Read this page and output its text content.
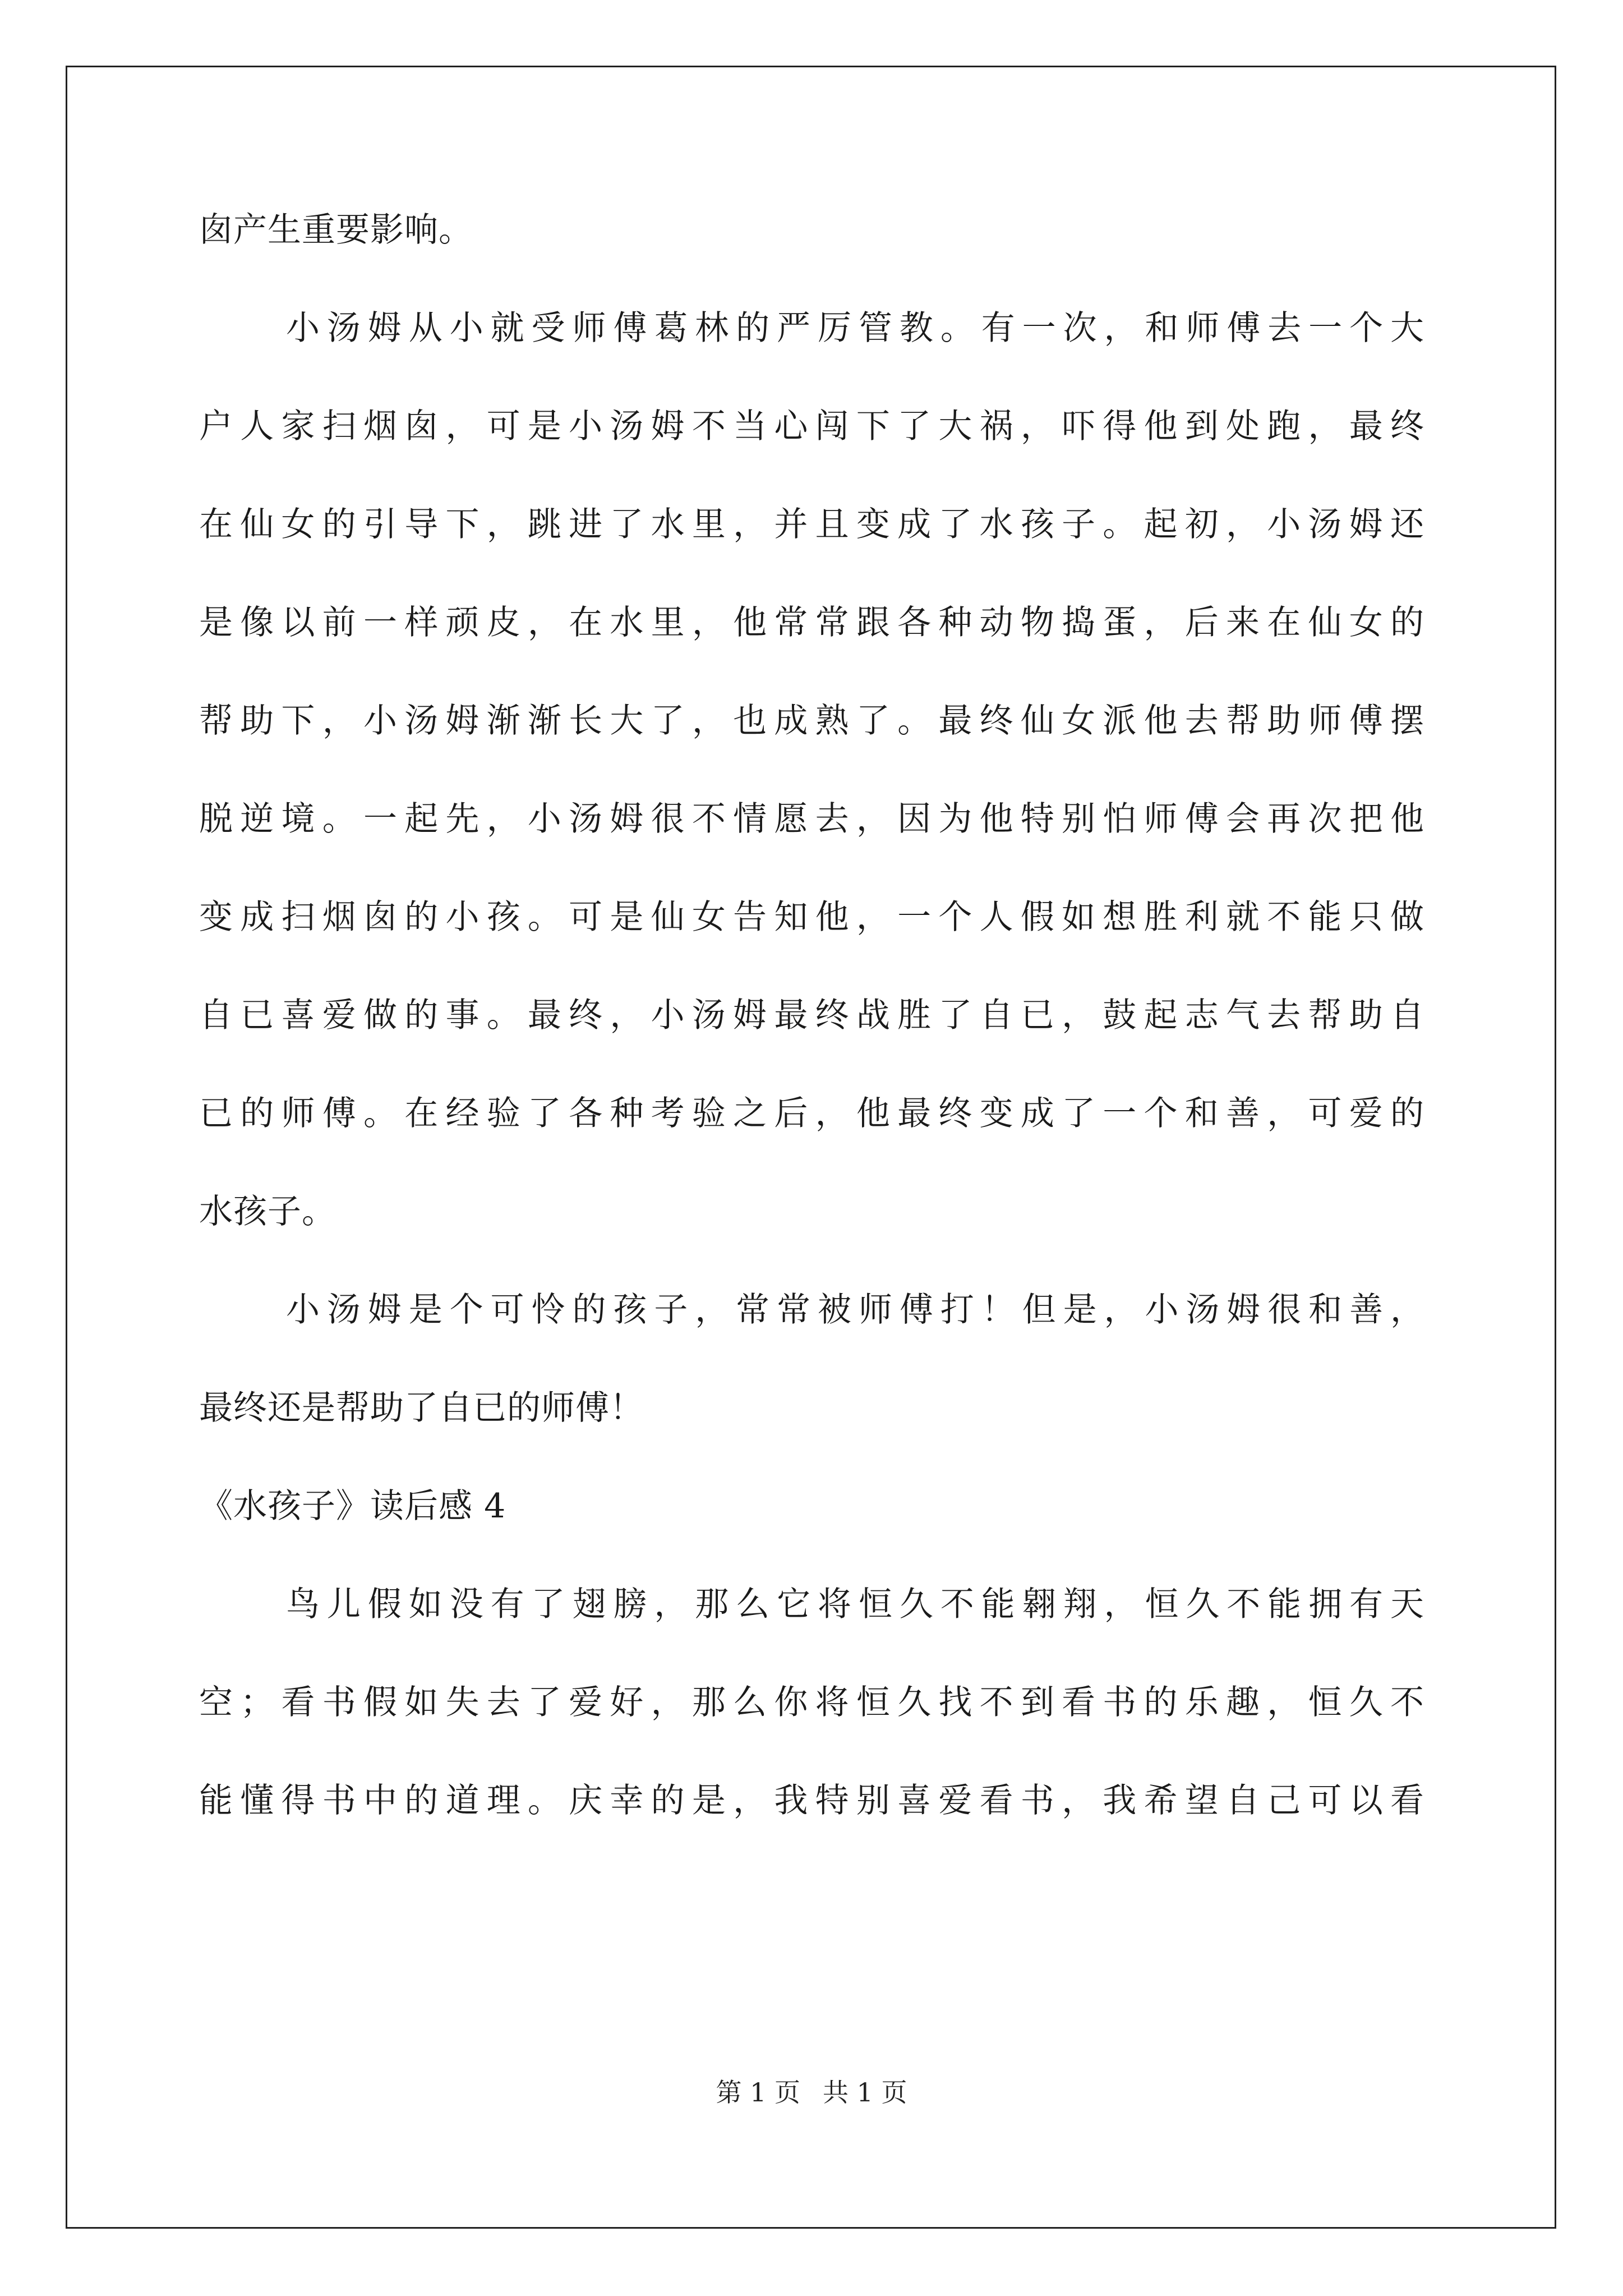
囱产生重要影响。
小汤姆从小就受师傅葛林的严厉管教。有一次，和师傅去一个大
户人家扫烟囱，可是小汤姆不当心闯下了大祸，吓得他到处跑，最终
在仙女的引导下，跳进了水里，并且变成了水孩子。起初，小汤姆还
是像以前一样顽皮，在水里，他常常跟各种动物捣蛋，后来在仙女的
帮助下，小汤姆渐渐长大了，也成熟了。最终仙女派他去帮助师傅摆
脱逆境。一起先，小汤姆很不情愿去，因为他特别怕师傅会再次把他
变成扫烟囱的小孩。可是仙女告知他，一个人假如想胜利就不能只做
自已喜爱做的事。最终，小汤姆最终战胜了自已，鼓起志气去帮助自
已的师傅。在经验了各种考验之后，他最终变成了一个和善，可爱的
水孩子。
小汤姆是个可怜的孩子，常常被师傅打！但是，小汤姆很和善，
最终还是帮助了自已的师傅！
《水孩子》读后感 4
鸟儿假如没有了翅膀，那么它将恒久不能翱翔，恒久不能拥有天
空；看书假如失去了爱好，那么你将恒久找不到看书的乐趣，恒久不
能懂得书中的道理。庆幸的是，我特别喜爱看书，我希望自己可以看
第 1 页 共 1 页
